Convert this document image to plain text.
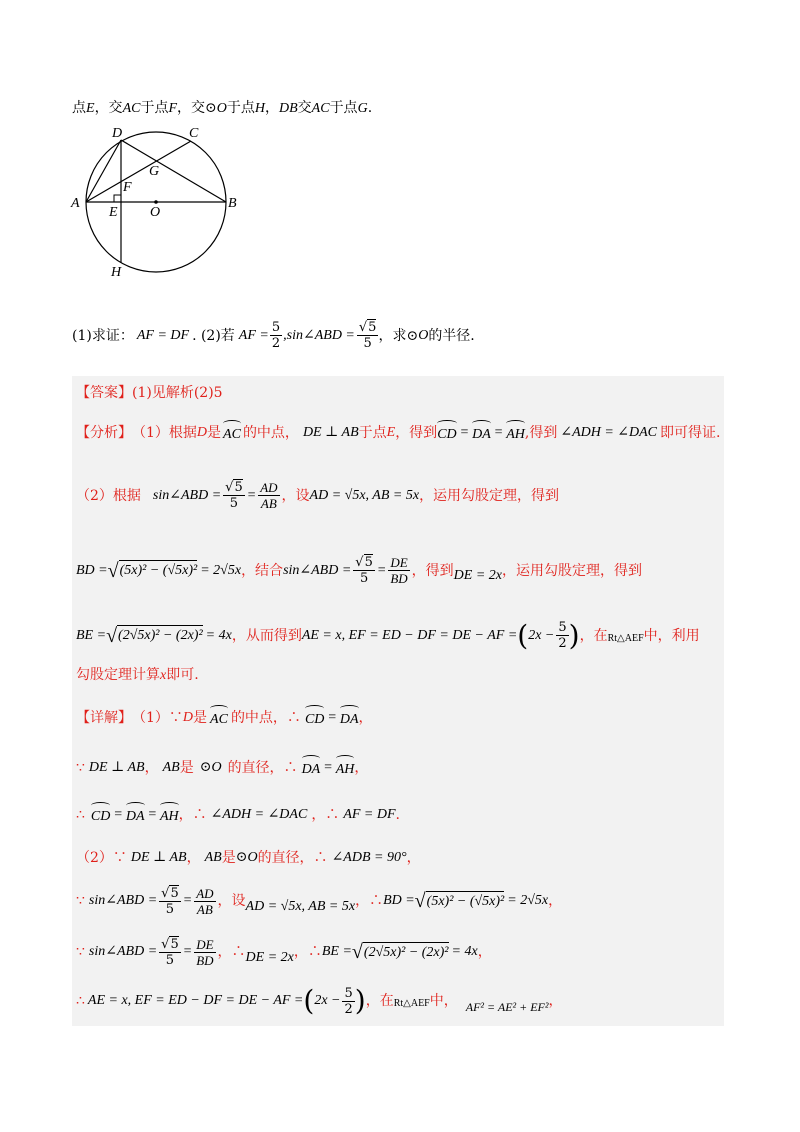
点E，交AC于点F，交⊙O于点H，DB交AC于点G.
D	C
G
F
A
E O
B
H
(1)求证： AF = DF . (2)若 AF = $\frac{5}{2}$ ,sin∠ABD = $\frac{√5}{5}$ ，求⊙ O 的半径.
【答案】(1)见解析(2)5
【分析】 （1）根据 D 是 AC 的中点， DE ⊥ AB 于点 E ，得到 CD = DA = AH ,得到 ∠ADH = ∠DAC 即可得证.
（2）根据 sin∠ABD = $\frac{√5}{5} = \frac{AD}{AB}$ ，设 AD = √5x, AB = 5x ，运用勾股定理，得到
BD = √ (5x)² − (√5x)² = 2√5x ，结合 sin∠ABD = $\frac{√5}{5} = \frac{DE}{BD}$ ，得到 DE = 2x ，运用勾股定理，得到
BE = √ (2√5x)² − (2x)² = 4x ，从而得到 AE = x, EF = ED − DF = DE − AF = ( $2x - \frac{5}{2}$ ) ，在 Rt△AEF 中，利用
勾股定理计算x即可.
【详解】 （1）∵ D 是 AC 的中点，∴ CD = DA ，
∵ DE ⊥ AB ， AB 是 ⊙O 的直径，∴ DA = AH ，
∴ CD = DA = AH ，∴ ∠ADH = ∠DAC ，∴ AF = DF .
（2）∵ DE ⊥ AB ， AB 是 ⊙O 的直径，∴ ∠ADB = 90° ，
∵ sin∠ABD = $\frac{√5}{5} = \frac{AD}{AB}$ ，设 AD = √5x, AB = 5x ，∴ BD = √ (5x)² − (√5x)² = 2√5x ，
∵ sin∠ABD = $\frac{√5}{5} = \frac{DE}{BD}$ ，∴ DE = 2x ，∴ BE = √ (2√5x)² − (2x)² = 4x ，
∴ AE = x, EF = ED − DF = DE − AF = ( $2x - \frac{5}{2}$ ) ，在 Rt△AEF 中， AF² = AE² + EF² ，
